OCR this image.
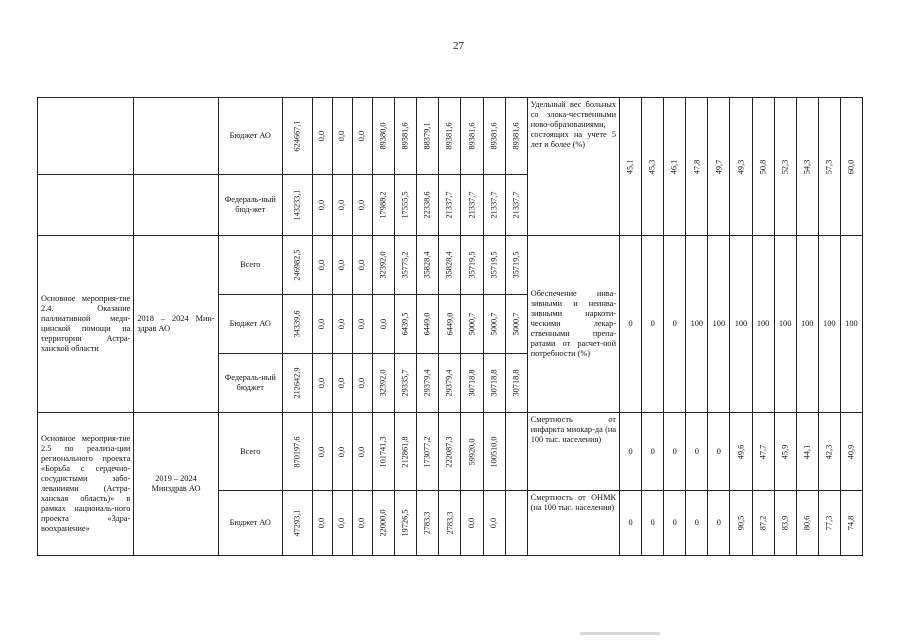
27
		Бюджет АО	624667,1	0,0	0,0	0,0	89380,0	89381,6	88379,1	89381,6	89381,6	89381,6	89381,6	Удельный вес больных со злока-чественными ново-образованиями, состоящих на учете 5 лет и более (%)	45,1	45,3	46,1	47,8	49,7	49,3	50,8	52,3	54,3	57,3	60,0

		Федераль-ный бюд-жет	143233,1	0,0	0,0	0,0	17988,2	17555,5	22338,6	21337,7	21337,7	21337,7	21337,7												

Основное мероприя-тие 2.4. Оказание паллиативной меди-цинской помощи на территории Астра-ханской области	2018 – 2024 Мин-здрав АО	Всего	246982,5	0,0	0,0	0,0	32392,0	35775,2	35828,4	35828,4	35719,5	35719,5	35719,5	Обеспечение инва-зивными и неинва-зивными наркоти-ческими лекар-ственными препа-ратами от расчет-ной потребности (%)	0	0	0	100	100	100	100	100	100	100	100

		Бюджет АО	34339,6	0,0	0,0	0,0	0,0	6439,5	6449,0	6449,0	5000,7	5000,7	5000,7												

		Федераль-ный бюджет	212642,9	0,0	0,0	0,0	32392,0	29335,7	29379,4	29379,4	30718,8	30718,8	30718,8												

Основное мероприя-тие 2.5 по реализа-ции регионального проекта «Борьба с сердечно-сосудистыми забо-леваниями (Астра-ханская область)» в рамках националь-ного проекта «Здра-воохранение»	2019 – 2024 Минздрав АО	Всего	870197,6	0,0	0,0	0,0	101741,3	212861,8	173077,2	222087,3	59920,0	100510,0		Смертность от инфаркта миокар-да (на 100 тыс. населения)	0	0	0	0	0	49,6	47,7	45,9	44,1	42,3	40,9

		Бюджет АО	47293,1	0,0	0,0	0,0	22000,0	19726,5	2783,3	2783,3	0,0	0,0		Смертность от ОНМК (на 100 тыс. населения)	0	0	0	0	0	90,5	87,2	83,9	80,6	77,3	74,8
